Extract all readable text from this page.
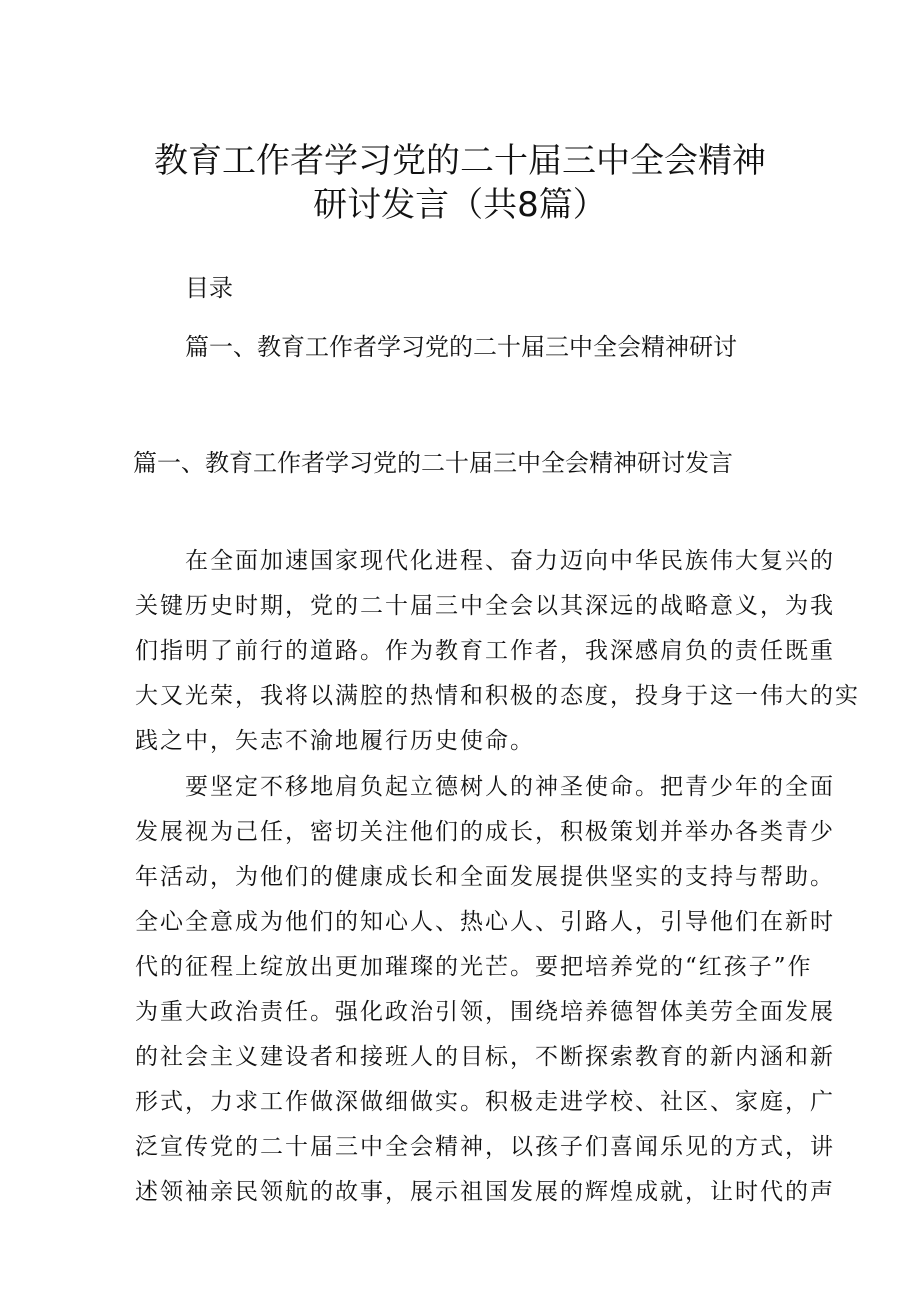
教育工作者学习党的二十届三中全会精神
研讨发言（共8篇）
目录
篇一、教育工作者学习党的二十届三中全会精神研讨
篇一、教育工作者学习党的二十届三中全会精神研讨发言
在全面加速国家现代化进程、奋力迈向中华民族伟大复兴的
关键历史时期，党的二十届三中全会以其深远的战略意义，为我
们指明了前行的道路。作为教育工作者，我深感肩负的责任既重
大又光荣，我将以满腔的热情和积极的态度，投身于这一伟大的实
践之中，矢志不渝地履行历史使命。
要坚定不移地肩负起立德树人的神圣使命。把青少年的全面
发展视为己任，密切关注他们的成长，积极策划并举办各类青少
年活动，为他们的健康成长和全面发展提供坚实的支持与帮助。
全心全意成为他们的知心人、热心人、引路人，引导他们在新时
代的征程上绽放出更加璀璨的光芒。要把培养党的“红孩子”作
为重大政治责任。强化政治引领，围绕培养德智体美劳全面发展
的社会主义建设者和接班人的目标，不断探索教育的新内涵和新
形式，力求工作做深做细做实。积极走进学校、社区、家庭，广
泛宣传党的二十届三中全会精神，以孩子们喜闻乐见的方式，讲
述领袖亲民领航的故事，展示祖国发展的辉煌成就，让时代的声
